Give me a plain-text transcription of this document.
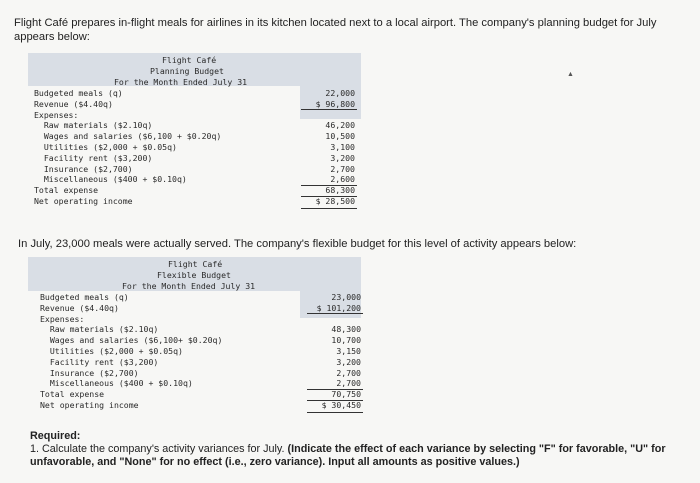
Flight Café prepares in-flight meals for airlines in its kitchen located next to a local airport. The company's planning budget for July appears below:
▲
Flight Café
Planning Budget
For the Month Ended July 31
Budgeted meals (q)	22,000
Revenue ($4.40q)	$ 96,800
Expenses:
Raw materials ($2.10q)	46,200
Wages and salaries ($6,100 + $0.20q)	10,500
Utilities ($2,000 + $0.05q)	3,100
Facility rent ($3,200)	3,200
Insurance ($2,700)	2,700
Miscellaneous ($400 + $0.10q)	2,600
Total expense	68,300
Net operating income	$ 28,500
In July, 23,000 meals were actually served. The company's flexible budget for this level of activity appears below:
Flight Café
Flexible Budget
For the Month Ended July 31
Budgeted meals (q)	23,000
Revenue ($4.40q)	$ 101,200
Expenses:
Raw materials ($2.10q)	48,300
Wages and salaries ($6,100+ $0.20q)	10,700
Utilities ($2,000 + $0.05q)	3,150
Facility rent ($3,200)	3,200
Insurance ($2,700)	2,700
Miscellaneous ($400 + $0.10q)	2,700
Total expense	70,750
Net operating income	$ 30,450
Required:
1. Calculate the company's activity variances for July. (Indicate the effect of each variance by selecting "F" for favorable, "U" for unfavorable, and "None" for no effect (i.e., zero variance). Input all amounts as positive values.)
